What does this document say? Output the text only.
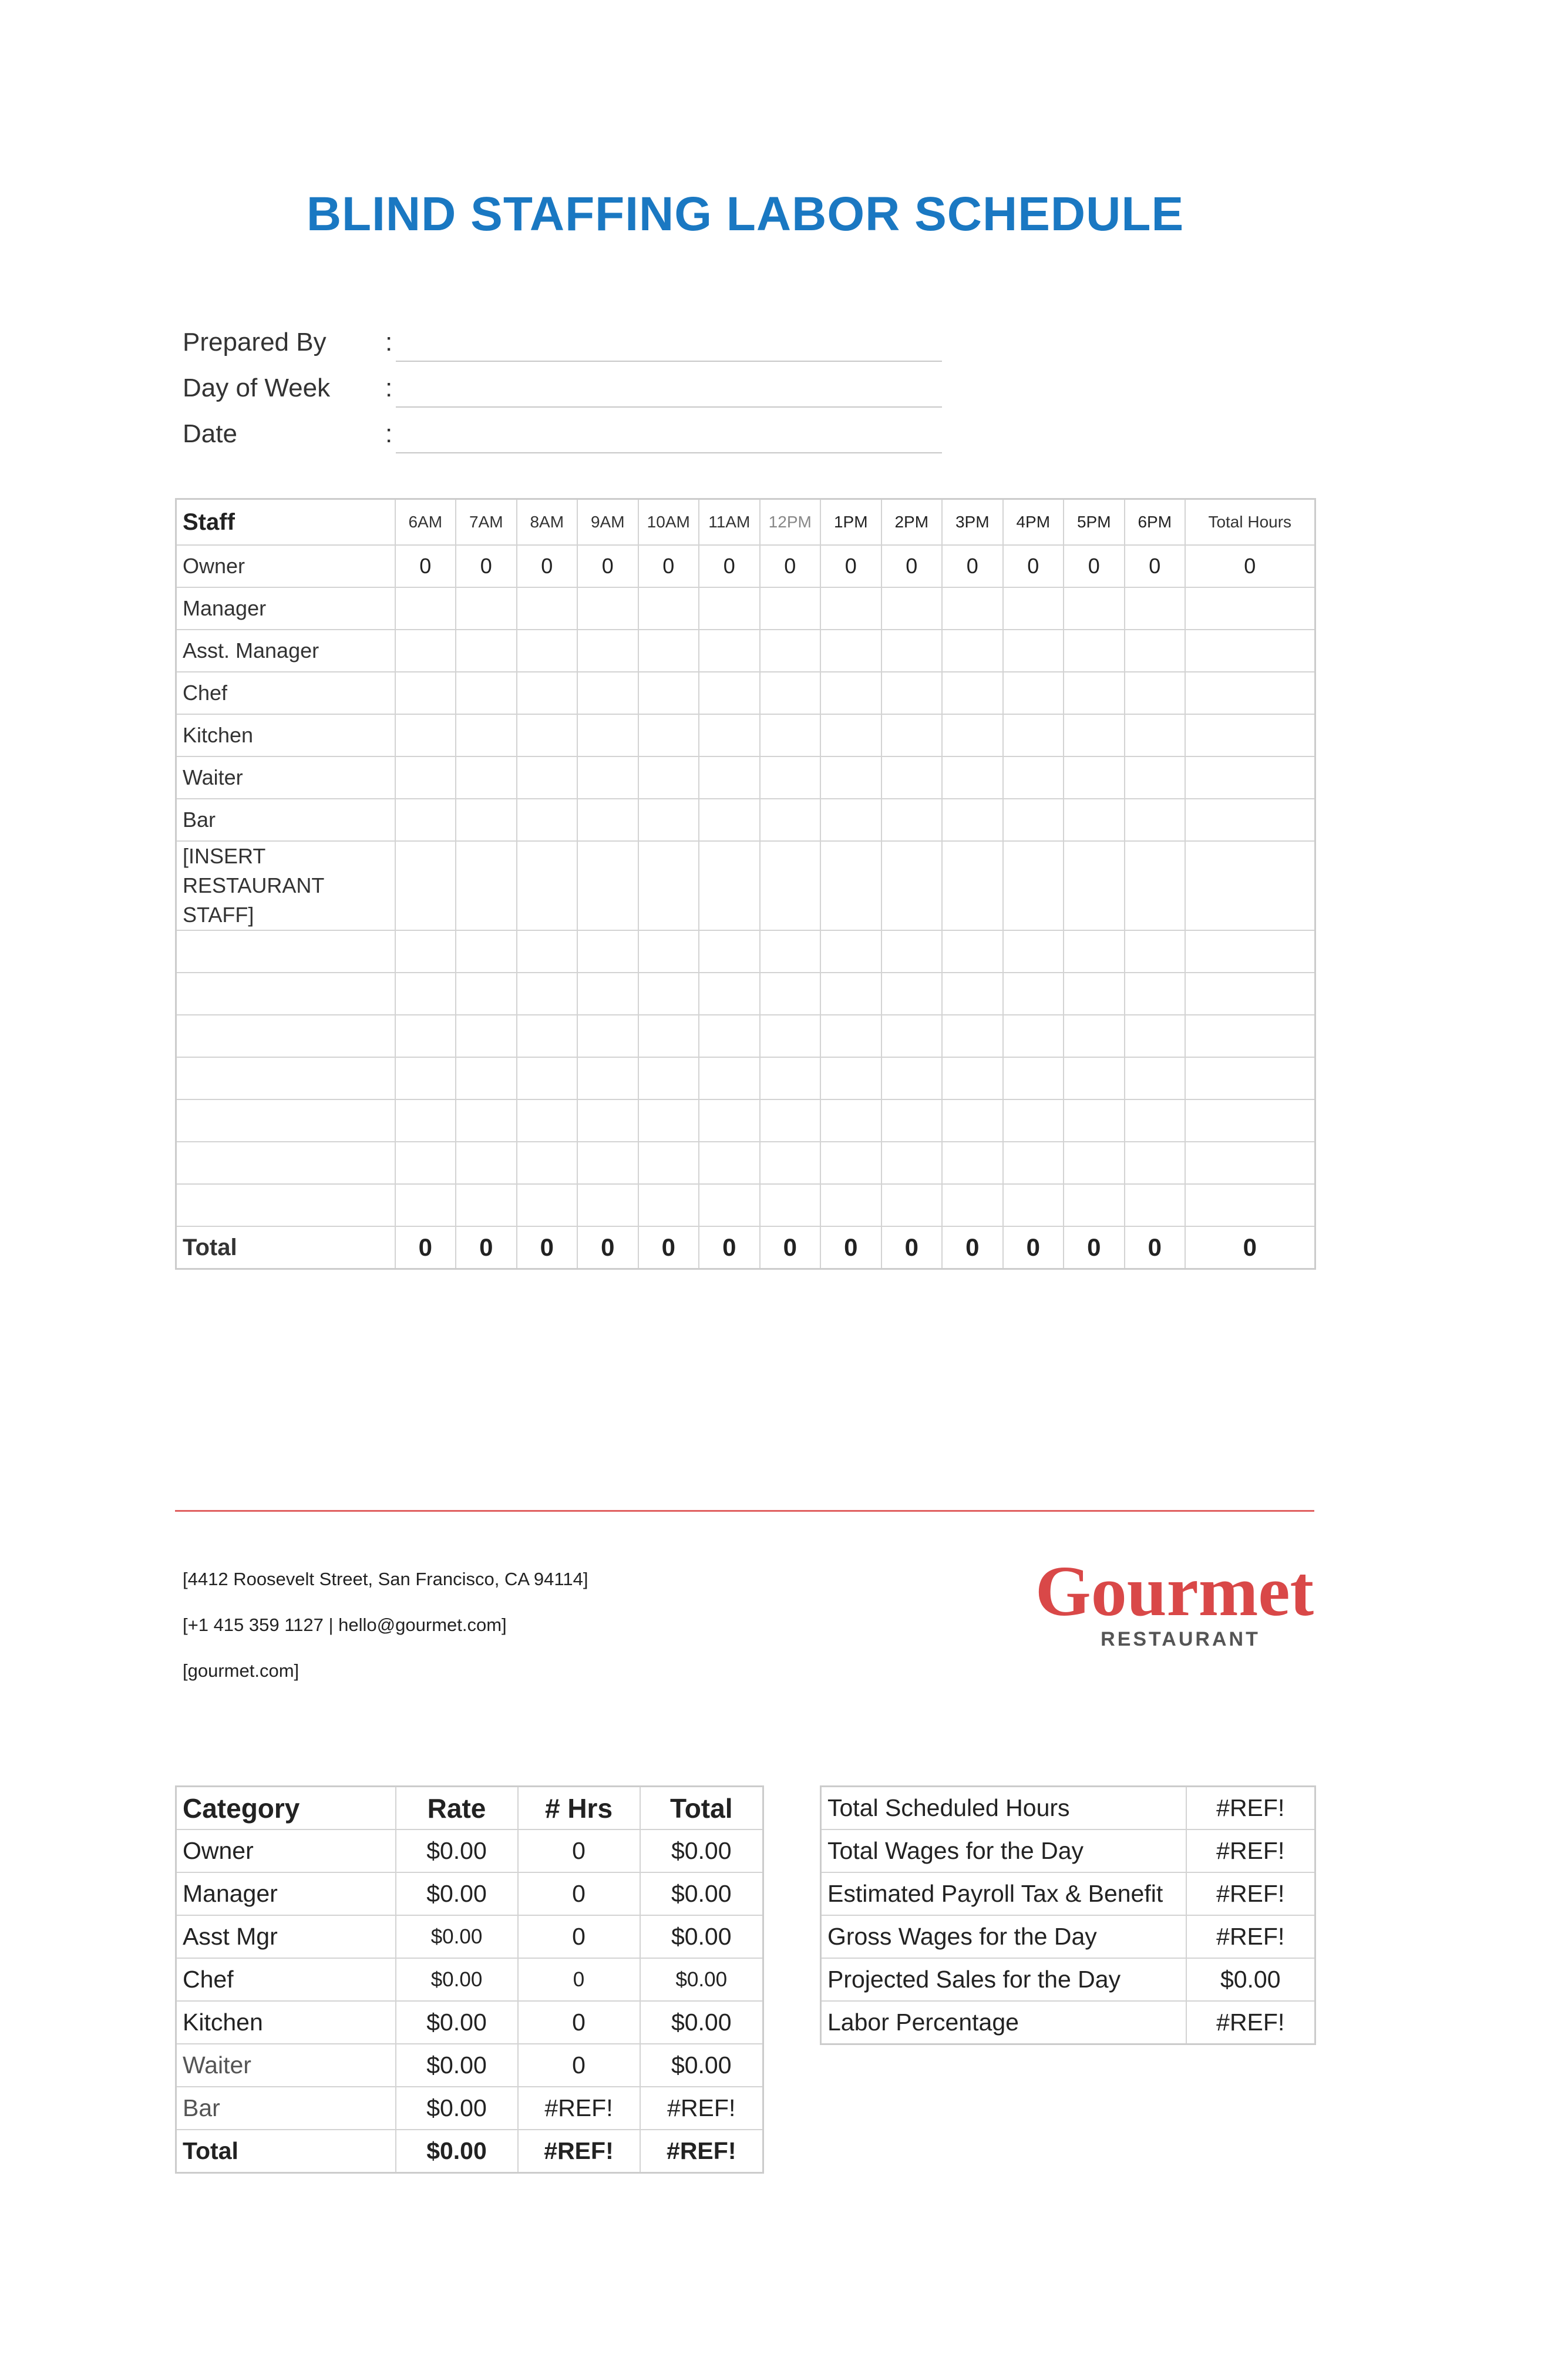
BLIND STAFFING LABOR SCHEDULE
Prepared By :
Day of Week :
Date	:
Staff	6AM	7AM	8AM	9AM	10AM	11AM	12PM	1PM	2PM	3PM	4PM	5PM	6PM	Total Hours
Owner	0	0	0	0	0	0	0	0	0	0	0	0	0	0
Manager														
Asst. Manager														
Chef														
Kitchen														
Waiter														
Bar														
[INSERT RESTAURANT STAFF]														

Total	0	0	0	0	0	0	0	0	0	0	0	0	0	0
[4412 Roosevelt Street, San Francisco, CA 94114]
[+1 415 359 1127 | hello@gourmet.com]
[gourmet.com]
Gourmet
RESTAURANT
Category	Rate	# Hrs	Total
Owner	$0.00	0	$0.00
Manager	$0.00	0	$0.00
Asst Mgr	$0.00	0	$0.00
Chef	$0.00	0	$0.00
Kitchen	$0.00	0	$0.00
Waiter	$0.00	0	$0.00
Bar	$0.00	#REF!	#REF!
Total	$0.00	#REF!	#REF!
Total Scheduled Hours	#REF!
Total Wages for the Day	#REF!
Estimated Payroll Tax & Benefit	#REF!
Gross Wages for the Day	#REF!
Projected Sales for the Day	$0.00
Labor Percentage	#REF!
